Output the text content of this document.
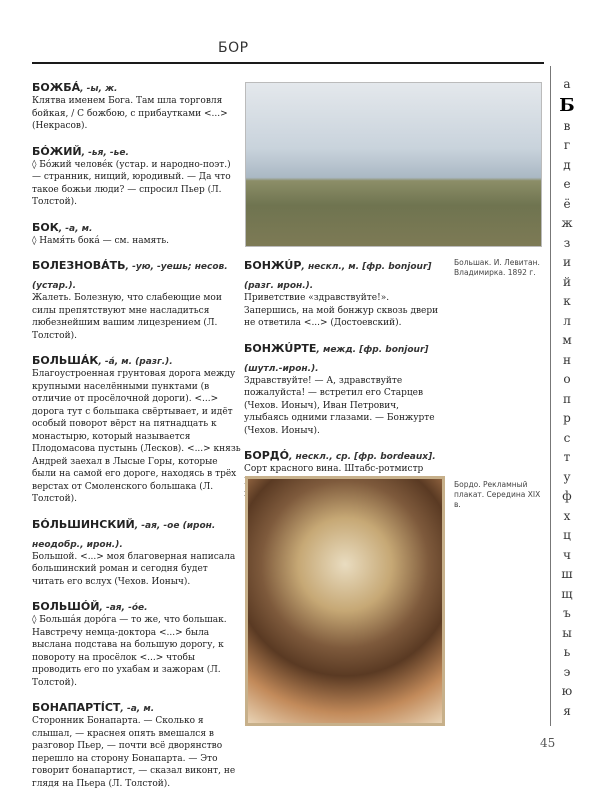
БОР
БОЖБÁ, -ы, ж.
Клятва именем Бога. Там шла торговля бойкая, / С божбою, с прибаутками <...> (Некрасов).
БÓЖИЙ, -ья, -ье.
◊ Бóжий человéк (устар. и народно-поэт.) — странник, нищий, юродивый. — Да что такое божьи люди? — спросил Пьер (Л. Толстой).
БОК, -а, м.
◊ Намя́ть бокá — см. намять.
БОЛЕЗНОВÁТЬ, -ую, -уешь; несов. (устар.).
Жалеть. Болезную, что слабеющие мои силы препятствуют мне насладиться любезнейшим вашим лицезрением (Л. Толстой).
БОЛЬШÁК, -á, м. (разг.).
Благоустроенная грунтовая дорога между крупными населёнными пунктами (в отличие от просёлочной дороги). <...> дорога тут с большака свёртывает, и идёт особый поворот вёрст на пятнадцать к монастырю, который называется Плодомасова пустынь (Лесков). <...> князь Андрей заехал в Лысые Горы, которые были на самой его дороге, находясь в трёх верстах от Смоленского большака (Л. Толстой).
БÓЛЬШИНСКИЙ, -ая, -ое (ирон. неодобр., ирон.).
Большой. <...> моя благоверная написала большинский роман и сегодня будет читать его вслух (Чехов. Ионыч).
БОЛЬШÓЙ, -ая, -óе.
◊ Большáя дорóга — то же, что большак. Навстречу немца-доктора <...> была выслана подстава на большую дорогу, к повороту на просёлок <...> чтобы проводить его по ухабам и зажорам (Л. Толстой).
БОНАПАРТÍСТ, -а, м.
Сторонник Бонапарта. — Сколько я слышал, — краснея опять вмешался в разговор Пьер, — почти всё дворянство перешло на сторону Бонапарта. — Это говорит бонапартист, — сказал виконт, не глядя на Пьера (Л. Толстой).
Большак. И. Левитан. Владимирка. 1892 г.
БОНЖÚР, нескл., м. [фр. bonjour] (разг. ирон.).
Приветствие «здравствуйте!». Запершись, на мой бонжур сквозь двери не ответила <...> (Достоевский).
БОНЖÚРТЕ, межд. [фр. bonjour] (шутл.-ирон.).
Здравствуйте! — А, здравствуйте пожалуйста! — встретил его Старцев (Чехов. Ионыч), Иван Петрович, улыбаясь одними глазами. — Бонжурте (Чехов. Ионыч).
БОРДÓ, нескл., ср. [фр. bordeaux].
Сорт красного вина. Штабс-ротмистр
Бордо. Рекламный плакат. Середина XIX в.
а
Б
в
г
д
е
ё
ж
з
и
й
к
л
м
н
о
п
р
с
т
у
ф
х
ц
ч
ш
щ
ъ
ы
ь
э
ю
я
45
